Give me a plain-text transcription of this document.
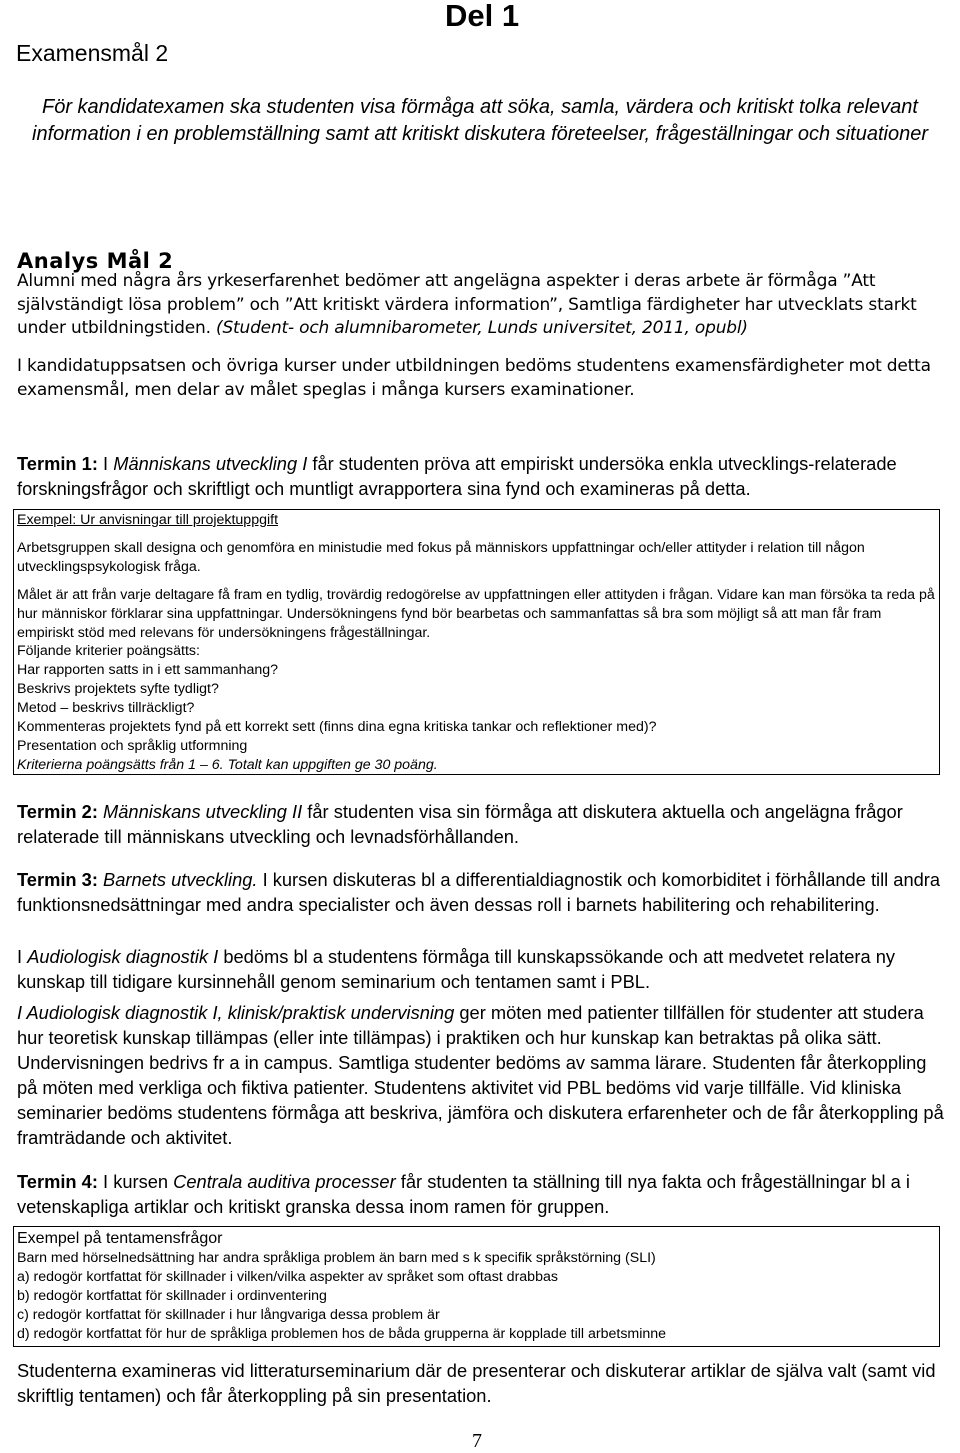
Del 1
Examensmål 2
För kandidatexamen ska studenten visa förmåga att söka, samla, värdera och kritiskt tolka relevant information i en problemställning samt att kritiskt diskutera företeelser, frågeställningar och situationer
Analys Mål 2
Alumni med några års yrkeserfarenhet bedömer att angelägna aspekter i deras arbete är förmåga ”Att självständigt lösa problem” och ”Att kritiskt värdera information”, Samtliga färdigheter har utvecklats starkt under utbildningstiden. (Student- och alumnibarometer, Lunds universitet, 2011, opubl)
I kandidatuppsatsen och övriga kurser under utbildningen bedöms studentens examensfärdigheter mot detta examensmål, men delar av målet speglas i många kursers examinationer.
Termin 1: I Människans utveckling I får studenten pröva att empiriskt undersöka enkla utvecklings-relaterade forskningsfrågor och skriftligt och muntligt avrapportera sina fynd och examineras på detta.
Exempel: Ur anvisningar till projektuppgift
Arbetsgruppen skall designa och genomföra en ministudie med fokus på människors uppfattningar och/eller attityder i relation till någon utvecklingspsykologisk fråga.
Målet är att från varje deltagare få fram en tydlig, trovärdig redogörelse av uppfattningen eller attityden i frågan. Vidare kan man försöka ta reda på hur människor förklarar sina uppfattningar. Undersökningens fynd bör bearbetas och sammanfattas så bra som möjligt så att man får fram empiriskt stöd med relevans för undersökningens frågeställningar.
Följande kriterier poängsätts:
Har rapporten satts in i ett sammanhang?
Beskrivs projektets syfte tydligt?
Metod – beskrivs tillräckligt?
Kommenteras projektets fynd på ett korrekt sett (finns dina egna kritiska tankar och reflektioner med)?
Presentation och språklig utformning
Kriterierna poängsätts från 1 – 6. Totalt kan uppgiften ge 30 poäng.
Termin 2: Människans utveckling II får studenten visa sin förmåga att diskutera aktuella och angelägna frågor relaterade till människans utveckling och levnadsförhållanden.
Termin 3: Barnets utveckling. I kursen diskuteras bl a differentialdiagnostik och komorbiditet i förhållande till andra funktionsnedsättningar med andra specialister och även dessas roll i barnets habilitering och rehabilitering.
I Audiologisk diagnostik I bedöms bl a studentens förmåga till kunskapssökande och att medvetet relatera ny kunskap till tidigare kursinnehåll genom seminarium och tentamen samt i PBL.
I Audiologisk diagnostik I, klinisk/praktisk undervisning ger möten med patienter tillfällen för studenter att studera hur teoretisk kunskap tillämpas (eller inte tillämpas) i praktiken och hur kunskap kan betraktas på olika sätt. Undervisningen bedrivs fr a in campus. Samtliga studenter bedöms av samma lärare. Studenten får återkoppling på möten med verkliga och fiktiva patienter. Studentens aktivitet vid PBL bedöms vid varje tillfälle. Vid kliniska seminarier bedöms studentens förmåga att beskriva, jämföra och diskutera erfarenheter och de får återkoppling på framträdande och aktivitet.
Termin 4: I kursen Centrala auditiva processer får studenten ta ställning till nya fakta och frågeställningar bl a i vetenskapliga artiklar och kritiskt granska dessa inom ramen för gruppen.
Exempel på tentamensfrågor
Barn med hörselnedsättning har andra språkliga problem än barn med s k specifik språkstörning (SLI)
a) redogör kortfattat för skillnader i vilken/vilka aspekter av språket som oftast drabbas
b) redogör kortfattat för skillnader i ordinventering
c) redogör kortfattat för skillnader i hur långvariga dessa problem är
d) redogör kortfattat för hur de språkliga problemen hos de båda grupperna är kopplade till arbetsminne
Studenterna examineras vid litteraturseminarium där de presenterar och diskuterar artiklar de själva valt (samt vid skriftlig tentamen) och får återkoppling på sin presentation.
7
